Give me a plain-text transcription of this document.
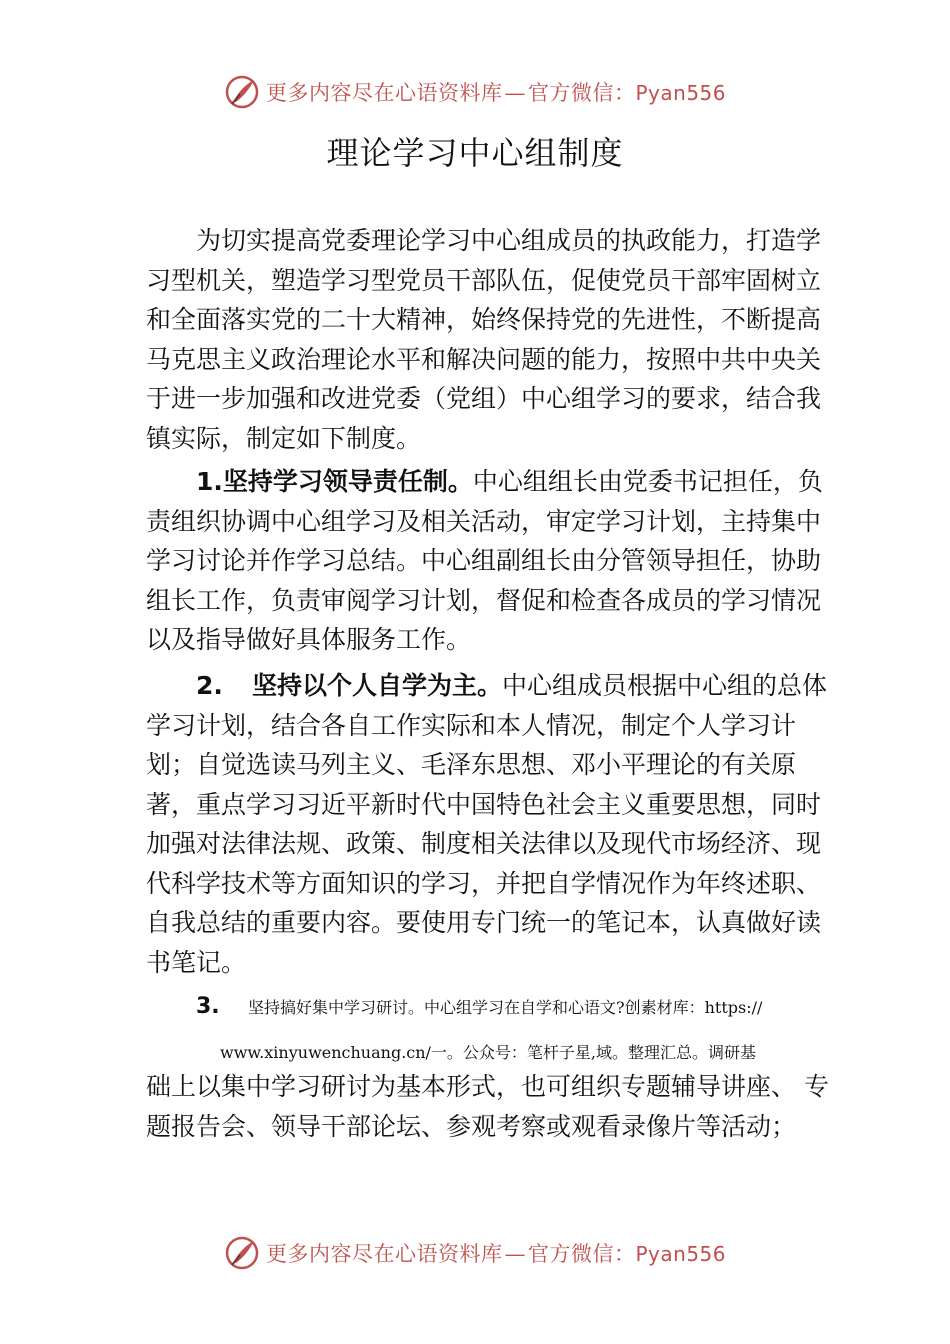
更多内容尽在心语资料库—官方微信：Pyan556
理论学习中心组制度

为切实提高党委理论学习中心组成员的执政能力，打造学习型机关，塑造学习型党员干部队伍，促使党员干部牢固树立和全面落实党的二十大精神，始终保持党的先进性，不断提高马克思主义政治理论水平和解决问题的能力，按照中共中央关于进一步加强和改进党委（党组）中心组学习的要求，结合我镇实际，制定如下制度。

1.坚持学习领导责任制。中心组组长由党委书记担任，负责组织协调中心组学习及相关活动，审定学习计划，主持集中学习讨论并作学习总结。中心组副组长由分管领导担任，协助组长工作，负责审阅学习计划，督促和检查各成员的学习情况以及指导做好具体服务工作。

2. 坚持以个人自学为主。中心组成员根据中心组的总体学习计划，结合各自工作实际和本人情况，制定个人学习计划；自觉选读马列主义、毛泽东思想、邓小平理论的有关原著，重点学习习近平新时代中国特色社会主义重要思想，同时加强对法律法规、政策、制度相关法律以及现代市场经济、现代科学技术等方面知识的学习，并把自学情况作为年终述职、自我总结的重要内容。要使用专门统一的笔记本，认真做好读书笔记。

3. 坚持搞好集中学习研讨。中心组学习在自学和心语文?创素材库：https://

www.xinyuwenchuang.cn/一。公众号：笔杆子星,域。整理汇总。调研基

础上以集中学习研讨为基本形式，也可组织专题辅导讲座、 专题报告会、领导干部论坛、参观考察或观看录像片等活动；

更多内容尽在心语资料库—官方微信：Pyan556
